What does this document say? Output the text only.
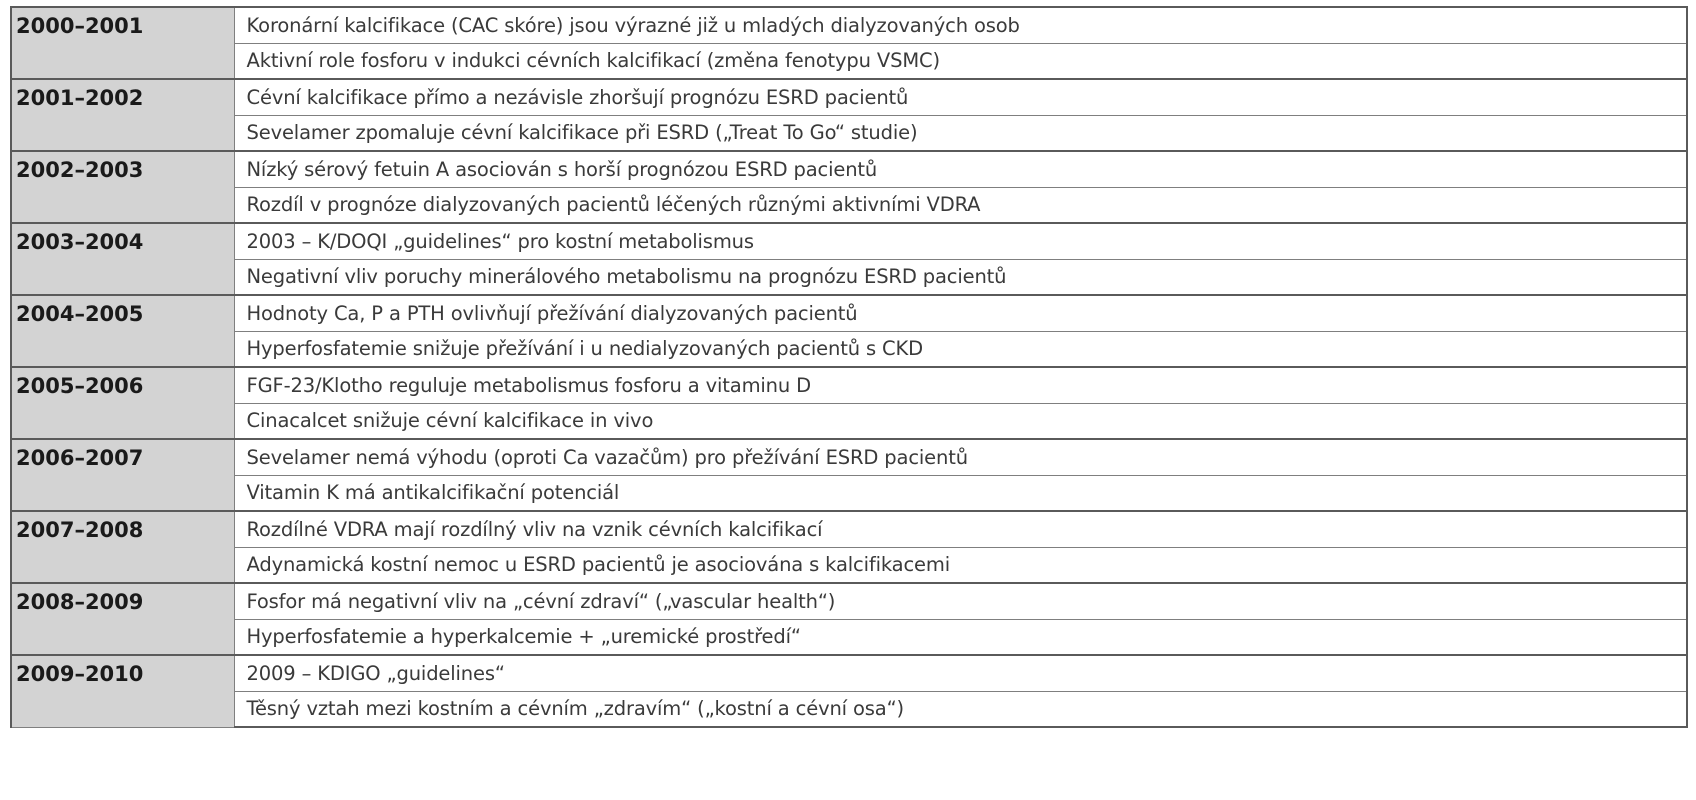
2000–2001	Koronární kalcifikace (CAC skóre) jsou výrazné již u mladých dialyzovaných osob
	Aktivní role fosforu v indukci cévních kalcifikací (změna fenotypu VSMC)
2001–2002	Cévní kalcifikace přímo a nezávisle zhoršují prognózu ESRD pacientů
	Sevelamer zpomaluje cévní kalcifikace při ESRD („Treat To Go“ studie)
2002–2003	Nízký sérový fetuin A asociován s horší prognózou ESRD pacientů
	Rozdíl v prognóze dialyzovaných pacientů léčených různými aktivními VDRA
2003–2004	2003 – K/DOQI „guidelines“ pro kostní metabolismus
	Negativní vliv poruchy minerálového metabolismu na prognózu ESRD pacientů
2004–2005	Hodnoty Ca, P a PTH ovlivňují přežívání dialyzovaných pacientů
	Hyperfosfatemie snižuje přežívání i u nedialyzovaných pacientů s CKD
2005–2006	FGF-23/Klotho reguluje metabolismus fosforu a vitaminu D
	Cinacalcet snižuje cévní kalcifikace in vivo
2006–2007	Sevelamer nemá výhodu (oproti Ca vazačům) pro přežívání ESRD pacientů
	Vitamin K má antikalcifikační potenciál
2007–2008	Rozdílné VDRA mají rozdílný vliv na vznik cévních kalcifikací
	Adynamická kostní nemoc u ESRD pacientů je asociována s kalcifikacemi
2008–2009	Fosfor má negativní vliv na „cévní zdraví“ („vascular health“)
	Hyperfosfatemie a hyperkalcemie + „uremické prostředí“
2009–2010	2009 – KDIGO „guidelines“
	Těsný vztah mezi kostním a cévním „zdravím“ („kostní a cévní osa“)
